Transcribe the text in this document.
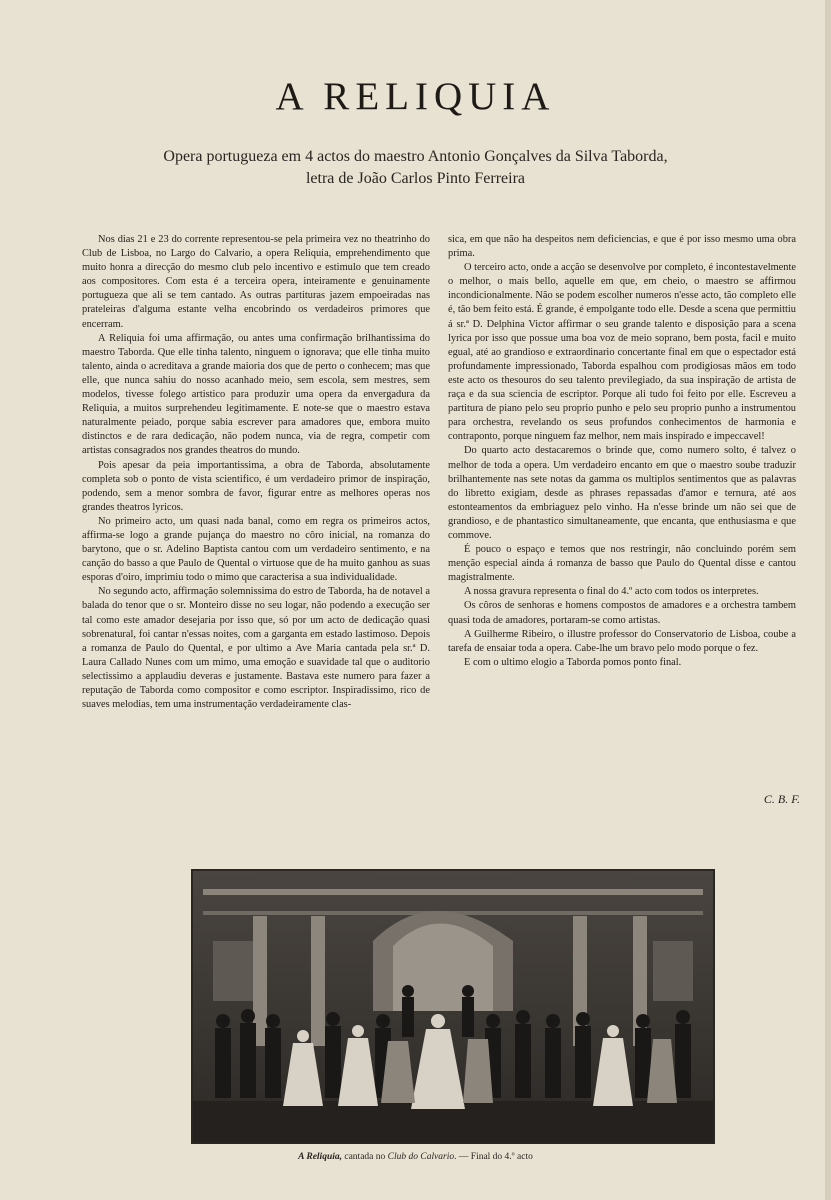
A RELIQUIA
Opera portugueza em 4 actos do maestro Antonio Gonçalves da Silva Taborda,
letra de João Carlos Pinto Ferreira

Nos dias 21 e 23 do corrente representou-se pela primeira vez no theatrinho do Club de Lisboa, no Largo do Calvario, a opera Reliquia, emprehendimento que muito honra a direcção do mesmo club pelo incentivo e estimulo que tem creado aos compositores. Com esta é a terceira opera, inteiramente e genuinamente portugueza que ali se tem cantado. As outras partituras jazem empoeiradas nas prateleiras d'alguma estante velha encobrindo os verdadeiros primores que encerram.

A Reliquia foi uma affirmação, ou antes uma confirmação brilhantissima do maestro Taborda. Que elle tinha talento, ninguem o ignorava; que elle tinha muito talento, ainda o acreditava a grande maioria dos que de perto o conhecem; mas que elle, que nunca sahiu do nosso acanhado meio, sem escola, sem mestres, sem modelos, tivesse folego artistico para produzir uma opera da envergadura da Reliquia, a muitos surprehendeu legitimamente. E note-se que o maestro estava naturalmente peiado, porque sabia escrever para amadores que, embora muito distinctos e de rara dedicação, não podem nunca, via de regra, competir com artistas consagrados nos grandes theatros do mundo.

Pois apesar da peia importantissima, a obra de Taborda, absolutamente completa sob o ponto de vista scientifico, é um verdadeiro primor de inspiração, podendo, sem a menor sombra de favor, figurar entre as melhores operas nos grandes theatros lyricos.

No primeiro acto, um quasi nada banal, como em regra os primeiros actos, affirma-se logo a grande pujança do maestro no côro inicial, na romanza do barytono, que o sr. Adelino Baptista cantou com um verdadeiro sentimento, e na canção do basso a que Paulo de Quental o virtuose que de ha muito ganhou as suas esporas d'oiro, imprimiu todo o mimo que caracterisa a sua individualidade.

No segundo acto, affirmação solemnissima do estro de Taborda, ha de notavel a balada do tenor que o sr. Monteiro disse no seu logar, não podendo a execução ser tal como este amador desejaria por isso que, só por um acto de dedicação quasi sobrenatural, foi cantar n'essas noites, com a garganta em estado lastimoso. Depois a romanza de Paulo do Quental, e por ultimo a Ave Maria cantada pela sr.ª D. Laura Callado Nunes com um mimo, uma emoção e suavidade tal que o auditorio selectissimo a applaudiu deveras e justamente. Bastava este numero para fazer a reputação de Taborda como compositor e como escriptor. Inspiradissimo, rico de suaves melodias, tem uma instrumentação verdadeiramente clas-

sica, em que não ha despeitos nem deficiencias, e que é por isso mesmo uma obra prima.

O terceiro acto, onde a acção se desenvolve por completo, é incontestavelmente o melhor, o mais bello, aquelle em que, em cheio, o maestro se affirmou incondicionalmente. Não se podem escolher numeros n'esse acto, tão completo elle é, tão bem feito está. É grande, é empolgante todo elle. Desde a scena que permittiu á sr.ª D. Delphina Victor affirmar o seu grande talento e disposição para a scena lyrica por isso que possue uma boa voz de meio soprano, bem posta, facil e muito egual, até ao grandioso e extraordinario concertante final em que o espectador está profundamente impressionado, Taborda espalhou com prodigiosas mãos em todo este acto os thesouros do seu talento previlegiado, da sua inspiração de artista de raça e da sua sciencia de escriptor. Porque ali tudo foi feito por elle. Escreveu a partitura de piano pelo seu proprio punho e pelo seu proprio punho a instrumentou para orchestra, revelando os seus profundos conhecimentos de harmonia e contraponto, porque ninguem faz melhor, nem mais inspirado e impeccavel!

Do quarto acto destacaremos o brinde que, como numero solto, é talvez o melhor de toda a opera. Um verdadeiro encanto em que o maestro soube traduzir brilhantemente nas sete notas da gamma os multiplos sentimentos que as palavras do libretto exigiam, desde as phrases repassadas d'amor e ternura, até aos estonteamentos da embriaguez pelo vinho. Ha n'esse brinde um não sei que de grandioso, e de phantastico simultaneamente, que encanta, que enthusiasma e que commove.

É pouco o espaço e temos que nos restringir, não concluindo porém sem menção especial ainda á romanza de basso que Paulo do Quental disse e cantou magistralmente.

A nossa gravura representa o final do 4.º acto com todos os interpretes.

Os côros de senhoras e homens compostos de amadores e a orchestra tambem quasi toda de amadores, portaram-se como artistas.

A Guilherme Ribeiro, o illustre professor do Conservatorio de Lisboa, coube a tarefa de ensaiar toda a opera. Cabe-lhe um bravo pelo modo porque o fez.

E com o ultimo elogio a Taborda pomos ponto final.

C. B. F.
A Reliquia, cantada no Club do Calvario. — Final do 4.º acto
